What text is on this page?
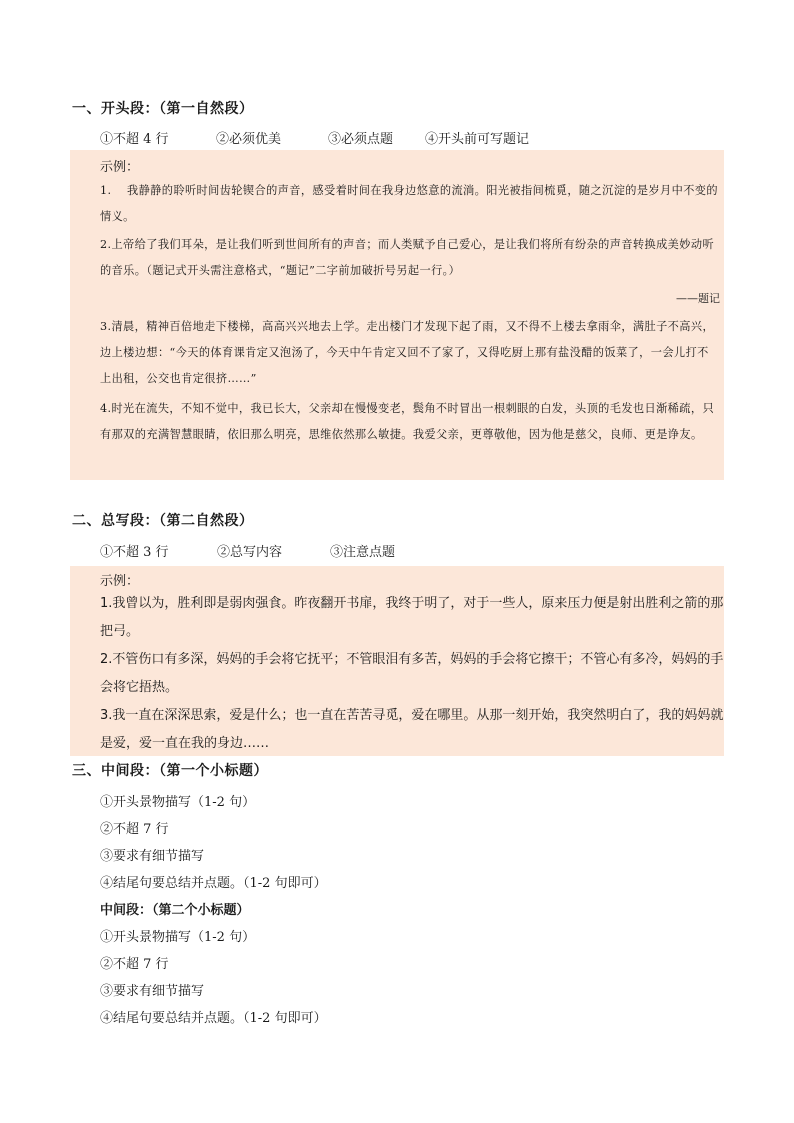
一、开头段：（第一自然段）
①不超 4 行	②必须优美	③必须点题	④开头前可写题记
示例：
1.　 我静静的聆听时间齿轮锲合的声音，感受着时间在我身边悠意的流淌。阳光被指间梳覓，随之沉淀的是岁月中不变的情义。
2.上帝给了我们耳朵，是让我们听到世间所有的声音；而人类赋予自己爱心，是让我们将所有纷杂的声音转换成美妙动听的音乐。（题记式开头需注意格式，“题记”二字前加破折号另起一行。）
——题记
3.清晨，精神百倍地走下楼梯，高高兴兴地去上学。走出楼门才发现下起了雨，又不得不上楼去拿雨伞，满肚子不高兴，边上楼边想：“今天的体育课肯定又泡汤了，今天中午肯定又回不了家了，又得吃厨上那有盐没醋的饭菜了，一会儿打不上出租，公交也肯定很挤……”
4.时光在流失，不知不觉中，我已长大，父亲却在慢慢变老，鬓角不时冒出一根刺眼的白发，头顶的毛发也日渐稀疏，只有那双的充满智慧眼睛，依旧那么明亮，思维依然那么敏捷。我爱父亲，更尊敬他，因为他是慈父，良师、更是诤友。
二、总写段：（第二自然段）
①不超 3 行	②总写内容	③注意点题
示例：
1.我曾以为，胜利即是弱肉强食。昨夜翻开书扉，我终于明了，对于一些人，原来压力便是射出胜利之箭的那把弓。
2.不管伤口有多深，妈妈的手会将它抚平；不管眼泪有多苦，妈妈的手会将它擦干；不管心有多冷，妈妈的手会将它捂热。
3.我一直在深深思索，爱是什么；也一直在苦苦寻觅，爱在哪里。从那一刻开始，我突然明白了，我的妈妈就是爱，爱一直在我的身边……
三、中间段：（第一个小标题）
①开头景物描写（1-2 句）
②不超 7 行
③要求有细节描写
④结尾句要总结并点题。（1-2 句即可）
中间段：（第二个小标题）
①开头景物描写（1-2 句）
②不超 7 行
③要求有细节描写
④结尾句要总结并点题。（1-2 句即可）
